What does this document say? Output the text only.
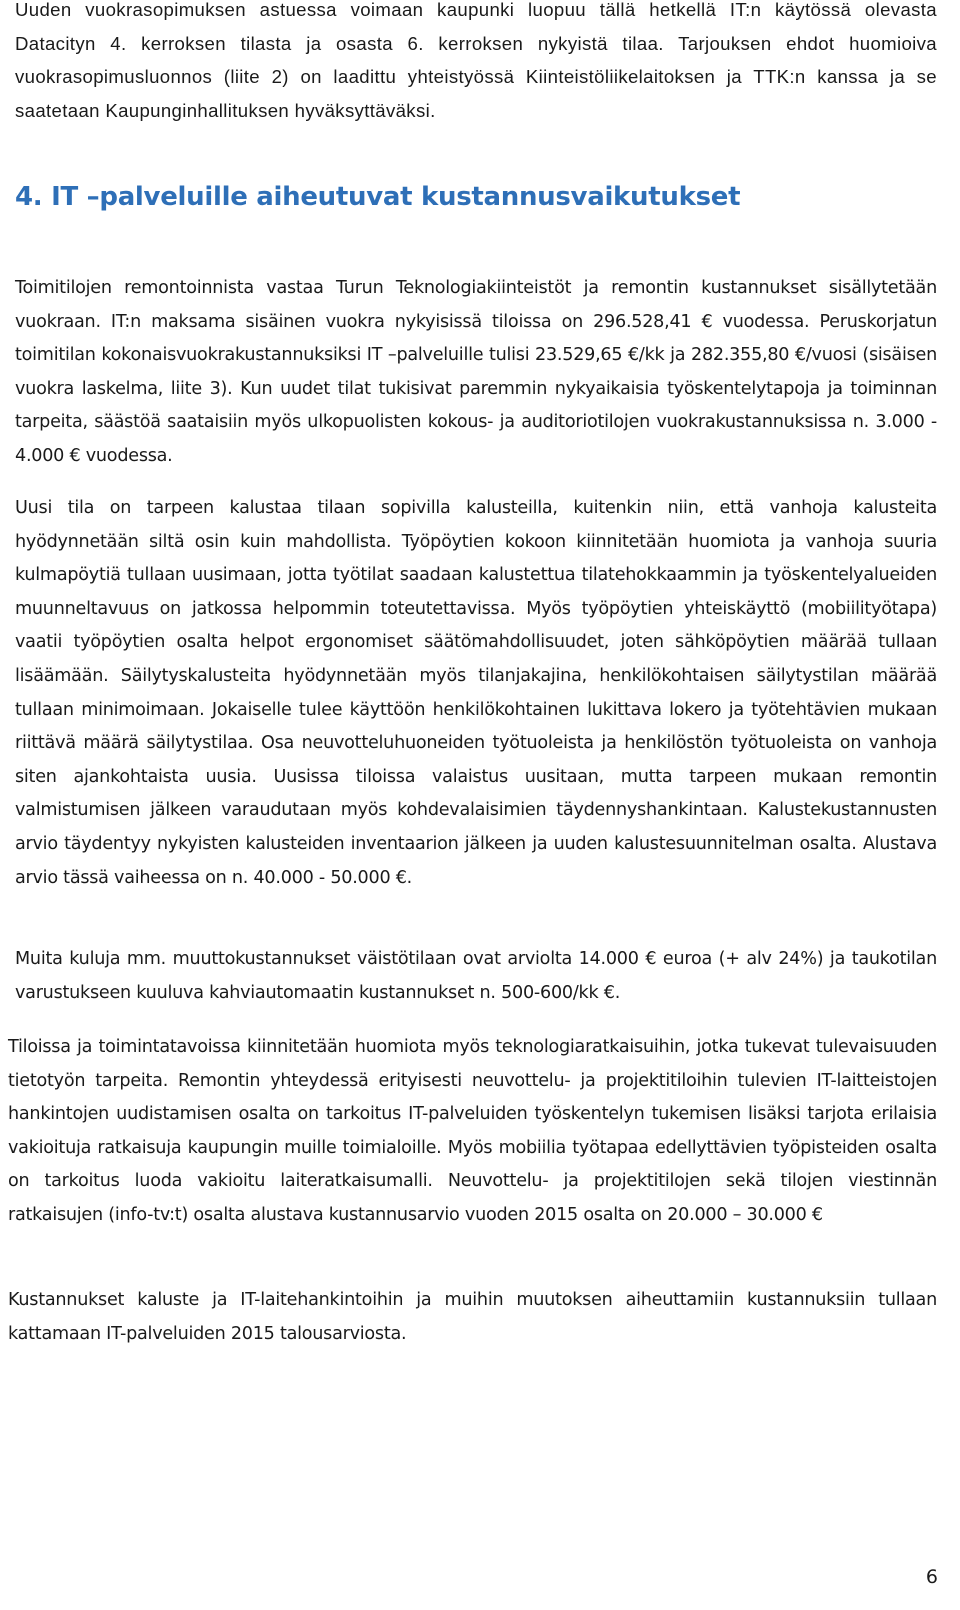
Uuden vuokrasopimuksen astuessa voimaan kaupunki luopuu tällä hetkellä IT:n käytössä olevasta Datacityn 4. kerroksen tilasta ja osasta 6. kerroksen nykyistä tilaa. Tarjouksen ehdot huomioiva vuokrasopimusluonnos (liite 2) on laadittu yhteistyössä Kiinteistöliikelaitoksen ja TTK:n kanssa ja se saatetaan Kaupunginhallituksen hyväksyttäväksi.

4. IT –palveluille aiheutuvat kustannusvaikutukset

Toimitilojen remontoinnista vastaa Turun Teknologiakiinteistöt ja remontin kustannukset sisällytetään vuokraan. IT:n maksama sisäinen vuokra nykyisissä tiloissa on 296.528,41 € vuodessa. Peruskorjatun toimitilan kokonaisvuokrakustannuksiksi IT –palveluille tulisi 23.529,65 €/kk ja 282.355,80 €/vuosi (sisäisen vuokra laskelma, liite 3). Kun uudet tilat tukisivat paremmin nykyaikaisia työskentelytapoja ja toiminnan tarpeita, säästöä saataisiin myös ulkopuolisten kokous- ja auditoriotilojen vuokrakustannuksissa n. 3.000 - 4.000 € vuodessa.

Uusi tila on tarpeen kalustaa tilaan sopivilla kalusteilla, kuitenkin niin, että vanhoja kalusteita hyödynnetään siltä osin kuin mahdollista. Työpöytien kokoon kiinnitetään huomiota ja vanhoja suuria kulmapöytiä tullaan uusimaan, jotta työtilat saadaan kalustettua tilatehokkaammin ja työskentelyalueiden muunneltavuus on jatkossa helpommin toteutettavissa. Myös työpöytien yhteiskäyttö (mobiilityötapa) vaatii työpöytien osalta helpot ergonomiset säätömahdollisuudet, joten sähköpöytien määrää tullaan lisäämään. Säilytyskalusteita hyödynnetään myös tilanjakajina, henkilökohtaisen säilytystilan määrää tullaan minimoimaan. Jokaiselle tulee käyttöön henkilökohtainen lukittava lokero ja työtehtävien mukaan riittävä määrä säilytystilaa. Osa neuvotteluhuoneiden työtuoleista ja henkilöstön työtuoleista on vanhoja siten ajankohtaista uusia. Uusissa tiloissa valaistus uusitaan, mutta tarpeen mukaan remontin valmistumisen jälkeen varaudutaan myös kohdevalaisimien täydennyshankintaan. Kalustekustannusten arvio täydentyy nykyisten kalusteiden inventaarion jälkeen ja uuden kalustesuunnitelman osalta. Alustava arvio tässä vaiheessa on n. 40.000 - 50.000 €.

Muita kuluja mm. muuttokustannukset väistötilaan ovat arviolta 14.000 € euroa (+ alv 24%) ja taukotilan varustukseen kuuluva kahviautomaatin kustannukset n. 500-600/kk €.

Tiloissa ja toimintatavoissa kiinnitetään huomiota myös teknologiaratkaisuihin, jotka tukevat tulevaisuuden tietotyön tarpeita. Remontin yhteydessä erityisesti neuvottelu- ja projektitiloihin tulevien IT-laitteistojen hankintojen uudistamisen osalta on tarkoitus IT-palveluiden työskentelyn tukemisen lisäksi tarjota erilaisia vakioituja ratkaisuja kaupungin muille toimialoille. Myös mobiilia työtapaa edellyttävien työpisteiden osalta on tarkoitus luoda vakioitu laiteratkaisumalli. Neuvottelu- ja projektitilojen sekä tilojen viestinnän ratkaisujen (info-tv:t) osalta alustava kustannusarvio vuoden 2015 osalta on 20.000 – 30.000 €

Kustannukset kaluste ja IT-laitehankintoihin ja muihin muutoksen aiheuttamiin kustannuksiin tullaan kattamaan IT-palveluiden 2015 talousarviosta.

6
